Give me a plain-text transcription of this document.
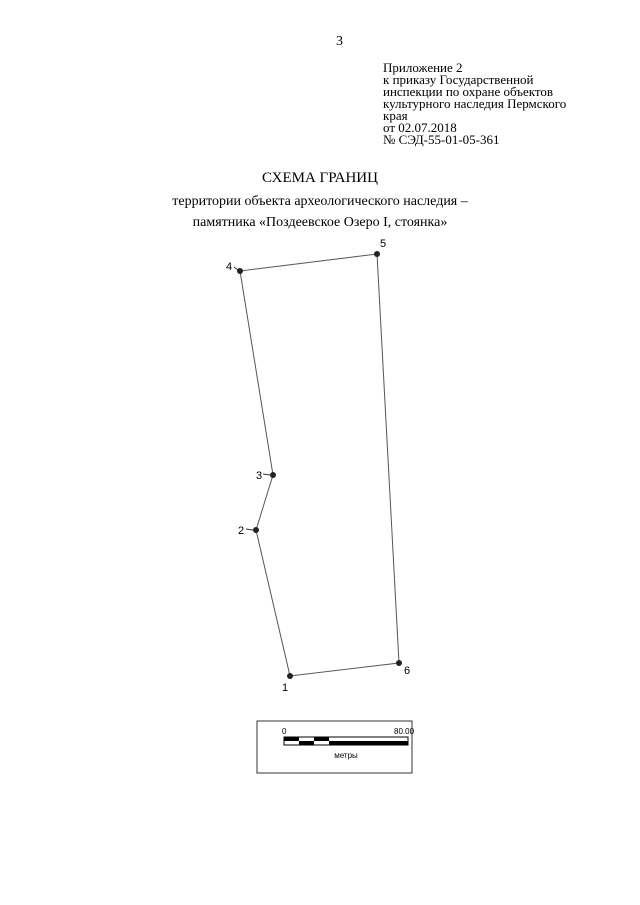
3
Приложение 2
к приказу Государственной
инспекции по охране объектов
культурного наследия Пермского
края
от 02.07.2018
№ СЭД-55-01-05-361
СХЕМА ГРАНИЦ
территории объекта археологического наследия –
памятника «Поздеевское Озеро I, стоянка»
1
2
3
4
5
6
0	80.00
метры
